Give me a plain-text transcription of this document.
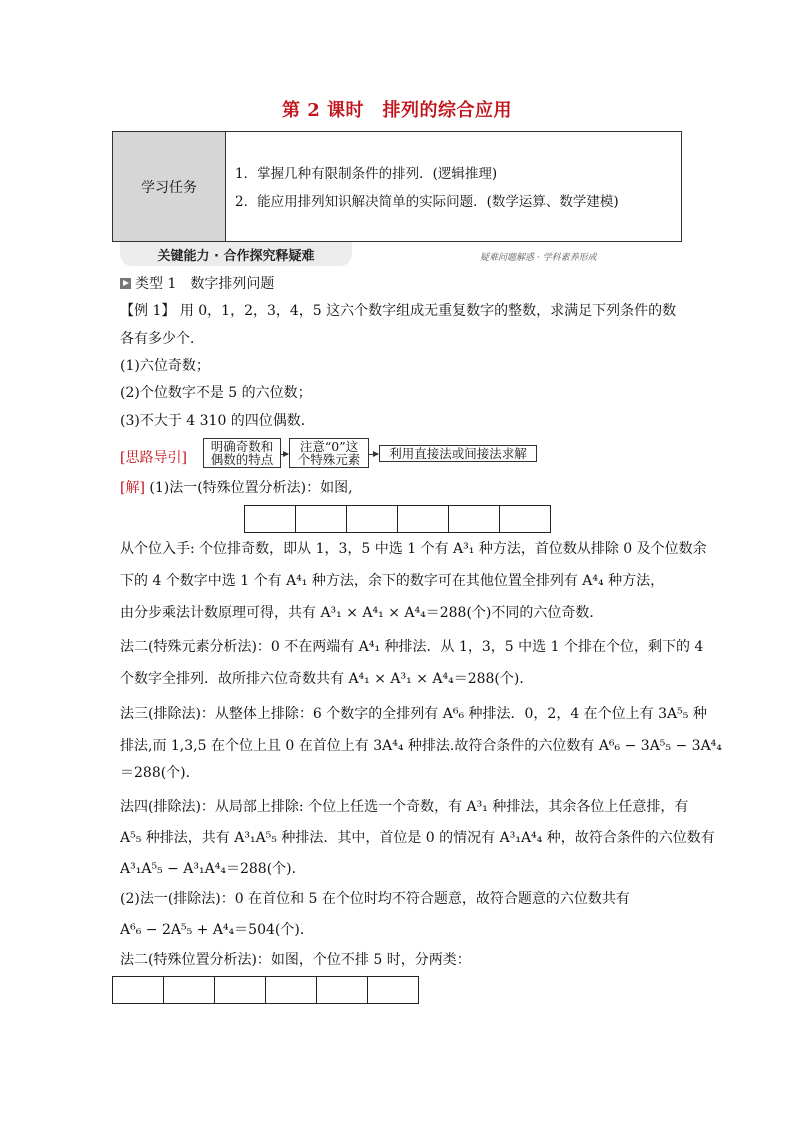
第 2 课时　排列的综合应用
学习任务
1．掌握几种有限制条件的排列．(逻辑推理)
2．能应用排列知识解决简单的实际问题．(数学运算、数学建模)
关键能力 · 合作探究释疑难	疑难问题解惑 · 学科素养形成
类型 1　数字排列问题
【例 1】 用 0，1，2，3，4，5 这六个数字组成无重复数字的整数，求满足下列条件的数
各有多少个．
(1)六位奇数；
(2)个位数字不是 5 的六位数；
(3)不大于 4 310 的四位偶数．
[思路导引]
明确奇数和
偶数的特点
注意“0”这
个特殊元素	利用直接法或间接法求解
[解] (1)法一(特殊位置分析法)：如图,
从个位入手: 个位排奇数，即从 1，3，5 中选 1 个有 A³₁ 种方法，首位数从排除 0 及个位数余
下的 4 个数字中选 1 个有 A⁴₁ 种方法，余下的数字可在其他位置全排列有 A⁴₄ 种方法，
由分步乘法计数原理可得，共有 A³₁ × A⁴₁ × A⁴₄＝288(个)不同的六位奇数．
法二(特殊元素分析法)：0 不在两端有 A⁴₁ 种排法．从 1，3，5 中选 1 个排在个位，剩下的 4
个数字全排列．故所排六位奇数共有 A⁴₁ × A³₁ × A⁴₄＝288(个)．
法三(排除法)：从整体上排除：6 个数字的全排列有 A⁶₆ 种排法．0，2，4 在个位上有 3A⁵₅ 种
排法,而 1,3,5 在个位上且 0 在首位上有 3A⁴₄ 种排法.故符合条件的六位数有 A⁶₆ − 3A⁵₅ − 3A⁴₄
＝288(个)．
法四(排除法)：从局部上排除: 个位上任选一个奇数，有 A³₁ 种排法，其余各位上任意排，有
A⁵₅ 种排法，共有 A³₁A⁵₅ 种排法．其中，首位是 0 的情况有 A³₁A⁴₄ 种，故符合条件的六位数有
A³₁A⁵₅ − A³₁A⁴₄＝288(个)．
(2)法一(排除法)：0 在首位和 5 在个位时均不符合题意，故符合题意的六位数共有
A⁶₆ − 2A⁵₅ + A⁴₄＝504(个)．
法二(特殊位置分析法)：如图，个位不排 5 时，分两类：
